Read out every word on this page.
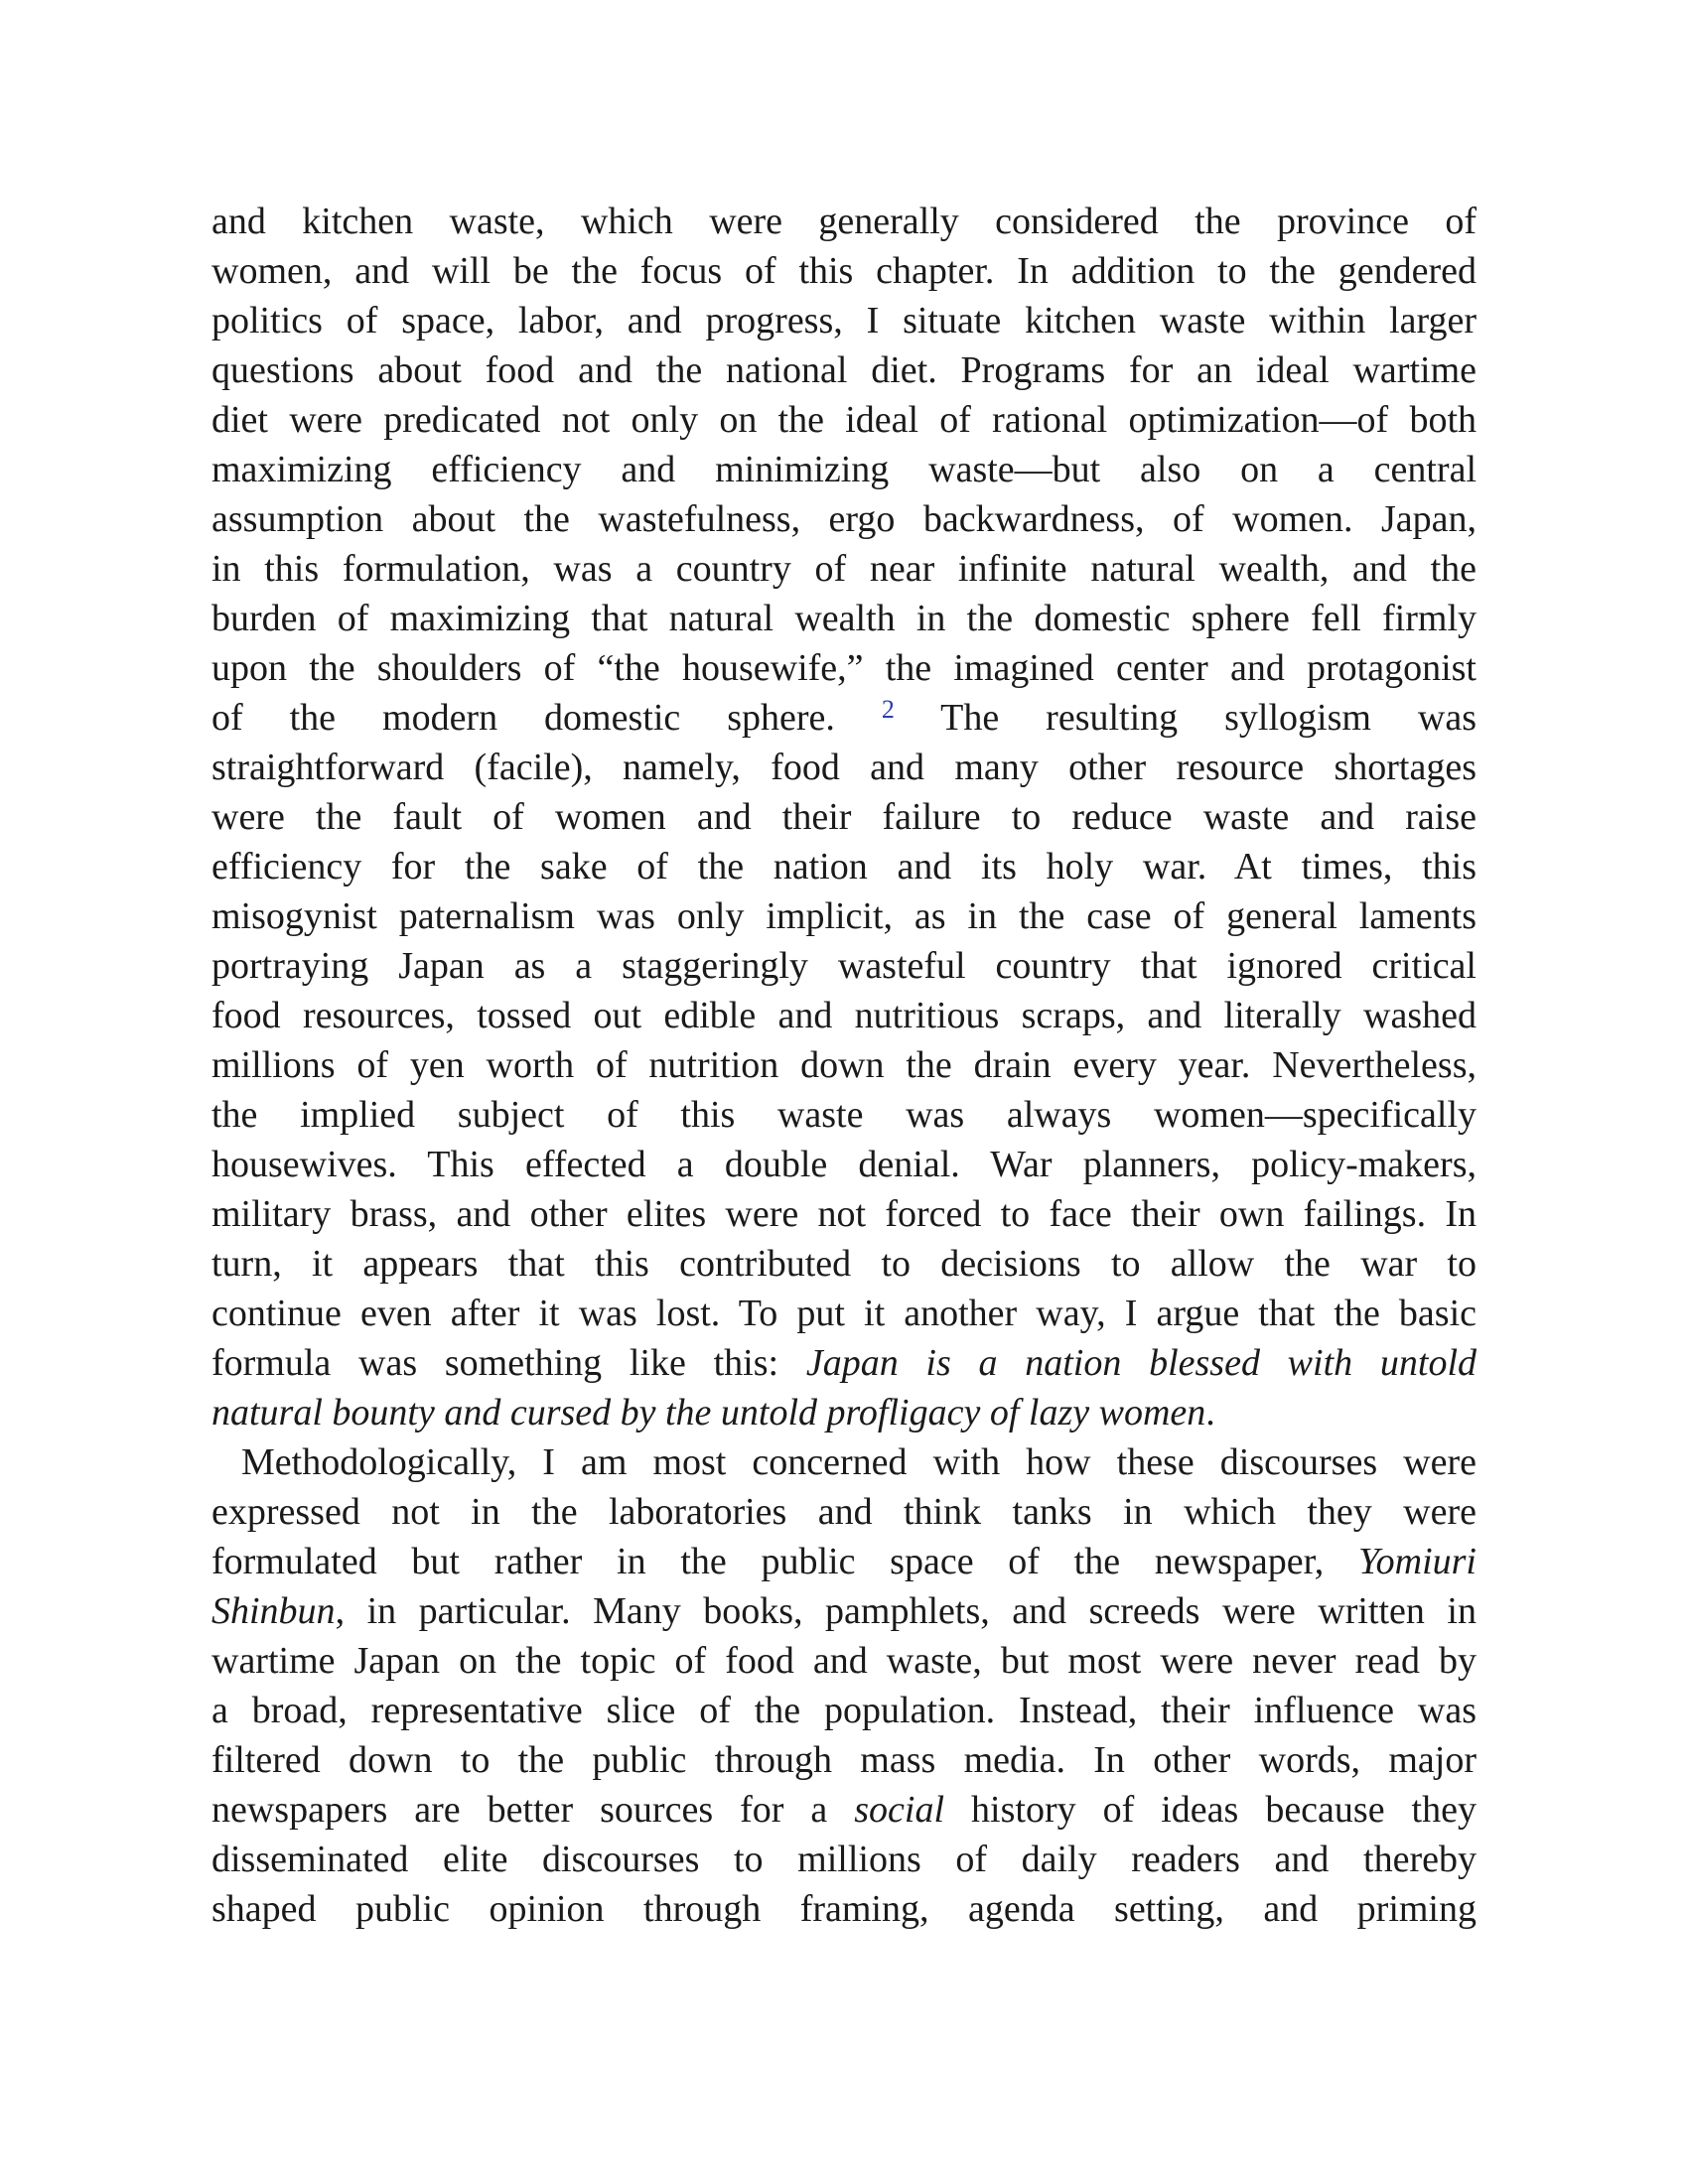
and kitchen waste, which were generally considered the province of
women, and will be the focus of this chapter. In addition to the gendered
politics of space, labor, and progress, I situate kitchen waste within larger
questions about food and the national diet. Programs for an ideal wartime
diet were predicated not only on the ideal of rational optimization—of both
maximizing efficiency and minimizing waste—but also on a central
assumption about the wastefulness, ergo backwardness, of women. Japan,
in this formulation, was a country of near infinite natural wealth, and the
burden of maximizing that natural wealth in the domestic sphere fell firmly
upon the shoulders of “the housewife,” the imagined center and protagonist
of the modern domestic sphere. $^2$ The resulting syllogism was
straightforward (facile), namely, food and many other resource shortages
were the fault of women and their failure to reduce waste and raise
efficiency for the sake of the nation and its holy war. At times, this
misogynist paternalism was only implicit, as in the case of general laments
portraying Japan as a staggeringly wasteful country that ignored critical
food resources, tossed out edible and nutritious scraps, and literally washed
millions of yen worth of nutrition down the drain every year. Nevertheless,
the implied subject of this waste was always women—specifically
housewives. This effected a double denial. War planners, policy-makers,
military brass, and other elites were not forced to face their own failings. In
turn, it appears that this contributed to decisions to allow the war to
continue even after it was lost. To put it another way, I argue that the basic
formula was something like this: Japan is a nation blessed with untold
natural bounty and cursed by the untold profligacy of lazy women.
Methodologically, I am most concerned with how these discourses were
expressed not in the laboratories and think tanks in which they were
formulated but rather in the public space of the newspaper, Yomiuri
Shinbun, in particular. Many books, pamphlets, and screeds were written in
wartime Japan on the topic of food and waste, but most were never read by
a broad, representative slice of the population. Instead, their influence was
filtered down to the public through mass media. In other words, major
newspapers are better sources for a social history of ideas because they
disseminated elite discourses to millions of daily readers and thereby
shaped public opinion through framing, agenda setting, and priming
